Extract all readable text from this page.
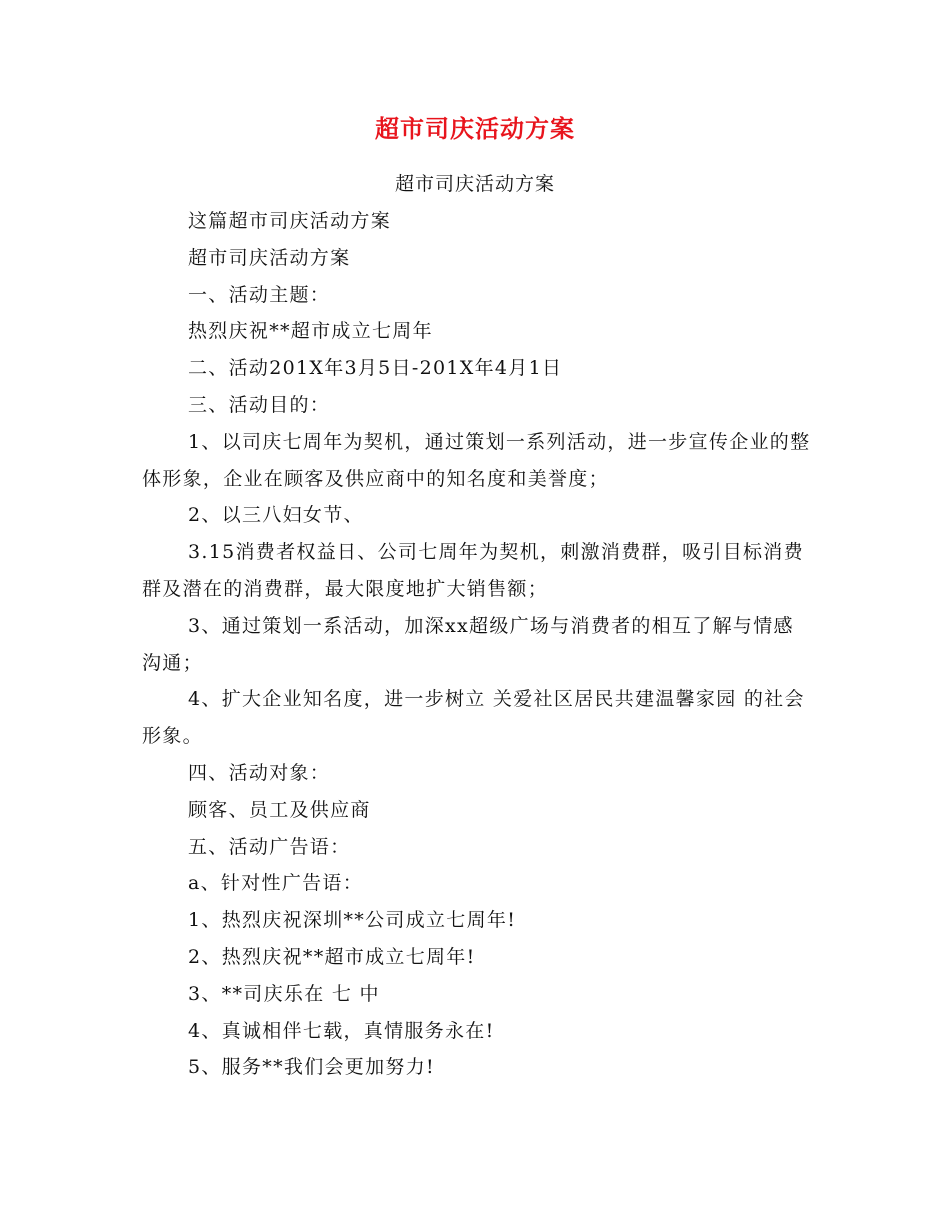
超市司庆活动方案
超市司庆活动方案

这篇超市司庆活动方案

超市司庆活动方案

一、活动主题：

热烈庆祝**超市成立七周年

二、活动201X年3月5日-201X年4月1日

三、活动目的：

1、以司庆七周年为契机，通过策划一系列活动，进一步宣传企业的整体形象，企业在顾客及供应商中的知名度和美誉度；

2、以三八妇女节、

3.15消费者权益日、公司七周年为契机，刺激消费群，吸引目标消费群及潜在的消费群，最大限度地扩大销售额；

3、通过策划一系活动，加深xx超级广场与消费者的相互了解与情感沟通；

4、扩大企业知名度，进一步树立 关爱社区居民共建温馨家园 的社会形象。

四、活动对象：

顾客、员工及供应商

五、活动广告语：

a、针对性广告语：

1、热烈庆祝深圳**公司成立七周年!

2、热烈庆祝**超市成立七周年!

3、**司庆乐在 七 中

4、真诚相伴七载，真情服务永在!

5、服务**我们会更加努力!
